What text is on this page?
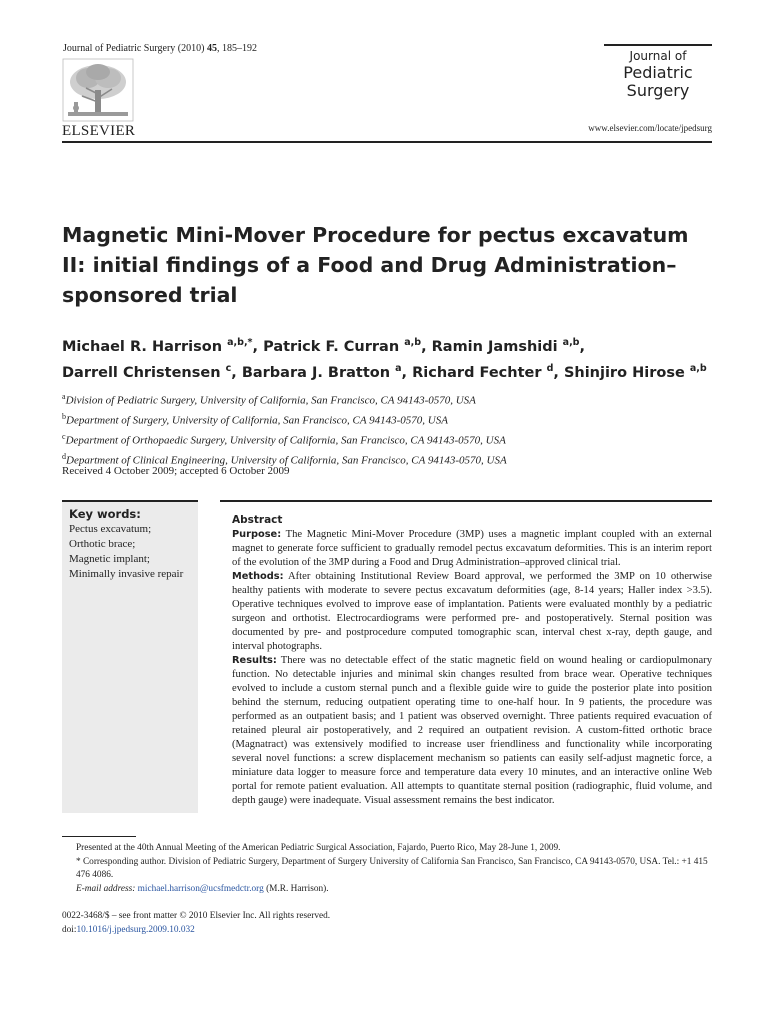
Journal of Pediatric Surgery (2010) 45, 185–192
ELSEVIER
Journal of
Pediatric
Surgery
www.elsevier.com/locate/jpedsurg
Magnetic Mini-Mover Procedure for pectus excavatum II: initial findings of a Food and Drug Administration–sponsored trial
Michael R. Harrison $^{a,b,*}$, Patrick F. Curran $^{a,b}$, Ramin Jamshidi $^{a,b}$,
Darrell Christensen $^c$, Barbara J. Bratton $^a$, Richard Fechter $^d$, Shinjiro Hirose $^{a,b}$
$^a$Division of Pediatric Surgery, University of California, San Francisco, CA 94143-0570, USA
$^b$Department of Surgery, University of California, San Francisco, CA 94143-0570, USA
$^c$Department of Orthopaedic Surgery, University of California, San Francisco, CA 94143-0570, USA
$^d$Department of Clinical Engineering, University of California, San Francisco, CA 94143-0570, USA
Received 4 October 2009; accepted 6 October 2009
Key words:
Pectus excavatum;
Orthotic brace;
Magnetic implant;
Minimally invasive repair
Abstract

Purpose: The Magnetic Mini-Mover Procedure (3MP) uses a magnetic implant coupled with an external magnet to generate force sufficient to gradually remodel pectus excavatum deformities. This is an interim report of the evolution of the 3MP during a Food and Drug Administration–approved clinical trial.

Methods: After obtaining Institutional Review Board approval, we performed the 3MP on 10 otherwise healthy patients with moderate to severe pectus excavatum deformities (age, 8-14 years; Haller index >3.5). Operative techniques evolved to improve ease of implantation. Patients were evaluated monthly by a pediatric surgeon and orthotist. Electrocardiograms were performed pre- and postoperatively. Sternal position was documented by pre- and postprocedure computed tomographic scan, interval chest x-ray, depth gauge, and interval photographs.

Results: There was no detectable effect of the static magnetic field on wound healing or cardiopulmonary function. No detectable injuries and minimal skin changes resulted from brace wear. Operative techniques evolved to include a custom sternal punch and a flexible guide wire to guide the posterior plate into position behind the sternum, reducing outpatient operating time to one-half hour. In 9 patients, the procedure was performed as an outpatient basis; and 1 patient was observed overnight. Three patients required evacuation of retained pleural air postoperatively, and 2 required an outpatient revision. A custom-fitted orthotic brace (Magnatract) was extensively modified to increase user friendliness and functionality while incorporating several novel functions: a screw displacement mechanism so patients can easily self-adjust magnetic force, a miniature data logger to measure force and temperature data every 10 minutes, and an interactive online Web portal for remote patient evaluation. All attempts to quantitate sternal position (radiographic, fluid volume, and depth gauge) were inadequate. Visual assessment remains the best indicator.

Presented at the 40th Annual Meeting of the American Pediatric Surgical Association, Fajardo, Puerto Rico, May 28-June 1, 2009.

* Corresponding author. Division of Pediatric Surgery, Department of Surgery University of California San Francisco, San Francisco, CA 94143-0570, USA. Tel.: +1 415 476 4086.

E-mail address: michael.harrison@ucsfmedctr.org (M.R. Harrison).

0022-3468/$ – see front matter © 2010 Elsevier Inc. All rights reserved.

doi:10.1016/j.jpedsurg.2009.10.032
